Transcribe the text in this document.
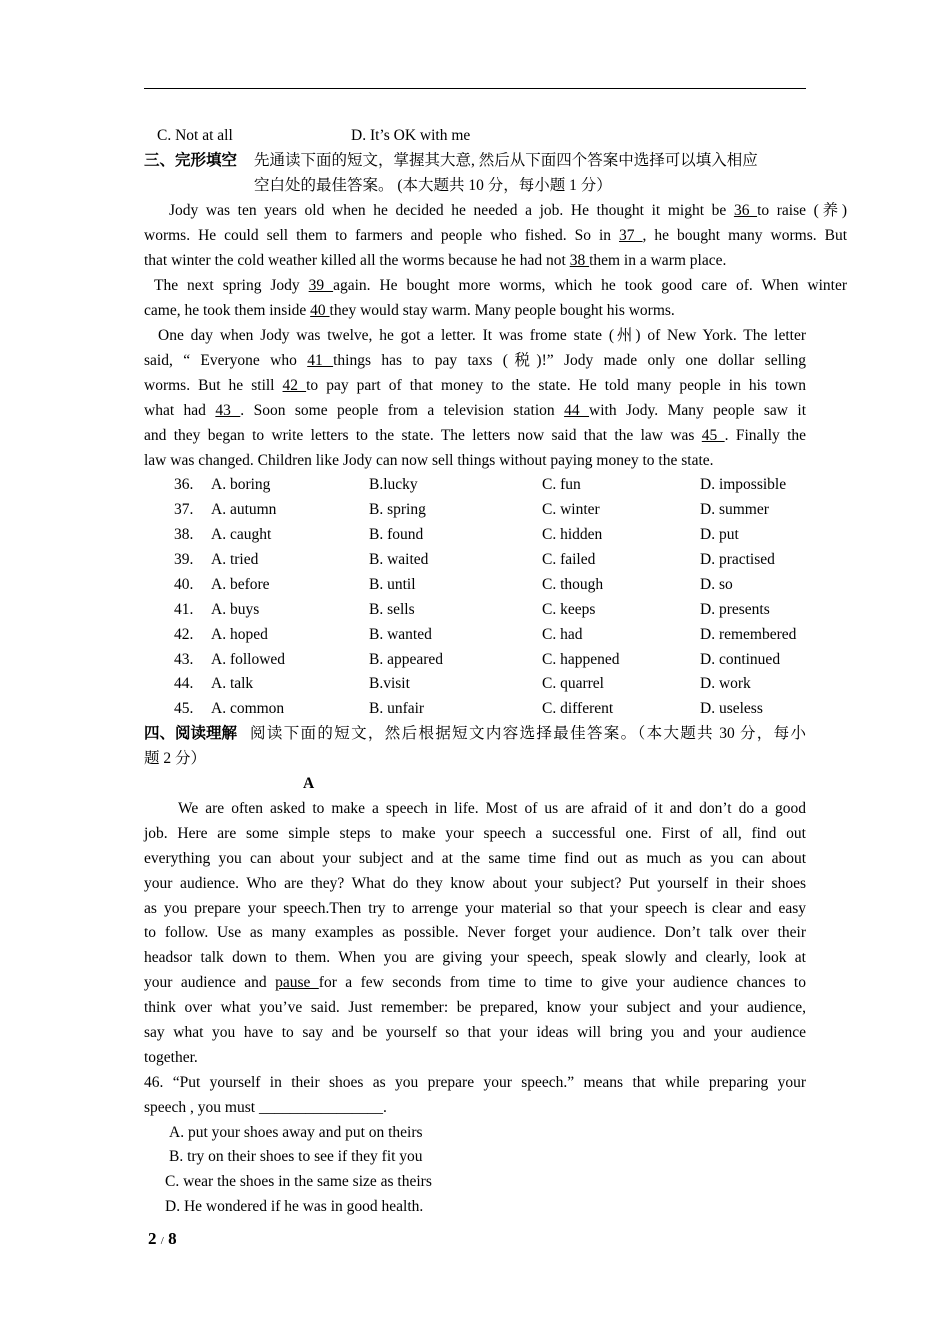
C. Not at all	D. It’s OK with me
三、完形填空 先通读下面的短文，掌握其大意, 然后从下面四个答案中选择可以填入相应
空白处的最佳答案。 (本大题共 10 分，每小题 1 分）
Jody was ten years old when he decided he needed a job. He thought it might be 36 to raise (养)
worms. He could sell them to farmers and people who fished. So in 37 , he bought many worms. But
that winter the cold weather killed all the worms because he had not 38 them in a warm place.
The next spring Jody 39 again. He bought more worms, which he took good care of. When winter
came, he took them inside 40 they would stay warm. Many people bought his worms.
One day when Jody was twelve, he got a letter. It was frome state (州) of New York. The letter
said, “ Everyone who 41 things has to pay taxs (税)!” Jody made only one dollar selling
worms. But he still 42 to pay part of that money to the state. He told many people in his town
what had 43 . Soon some people from a television station 44 with Jody. Many people saw it
and they began to write letters to the state. The letters now said that the law was 45 . Finally the
law was changed. Children like Jody can now sell things without paying money to the state.
36. A. boring	B.lucky	C. fun	D. impossible
37. A. autumn	B. spring	C. winter	D. summer
38. A. caught	B. found	C. hidden	D. put
39. A. tried	B. waited	C. failed	D. practised
40. A. before	B. until	C. though	D. so
41. A. buys	B. sells	C. keeps	D. presents
42. A. hoped	B. wanted	C. had	D. remembered
43. A. followed	B. appeared	C. happened	D. continued
44. A. talk	B.visit	C. quarrel	D. work
45. A. common	B. unfair	C. different	D. useless
四、阅读理解 阅读下面的短文，然后根据短文内容选择最佳答案。（本大题共 30 分，每小
题 2 分）
A
We are often asked to make a speech in life. Most of us are afraid of it and don’t do a good
job. Here are some simple steps to make your speech a successful one. First of all, find out
everything you can about your subject and at the same time find out as much as you can about
your audience. Who are they? What do they know about your subject? Put yourself in their shoes
as you prepare your speech.Then try to arrenge your material so that your speech is clear and easy
to follow. Use as many examples as possible. Never forget your audience. Don’t talk over their
headsor talk down to them. When you are giving your speech, speak slowly and clearly, look at
your audience and pause for a few seconds from time to time to give your audience chances to
think over what you’ve said. Just remember: be prepared, know your subject and your audience,
say what you have to say and be yourself so that your ideas will bring you and your audience
together.
46. “Put yourself in their shoes as you prepare your speech.” means that while preparing your
speech , you must ________________.
A. put your shoes away and put on theirs
B. try on their shoes to see if they fit you
C. wear the shoes in the same size as theirs
D. He wondered if he was in good health.
2 / 8
